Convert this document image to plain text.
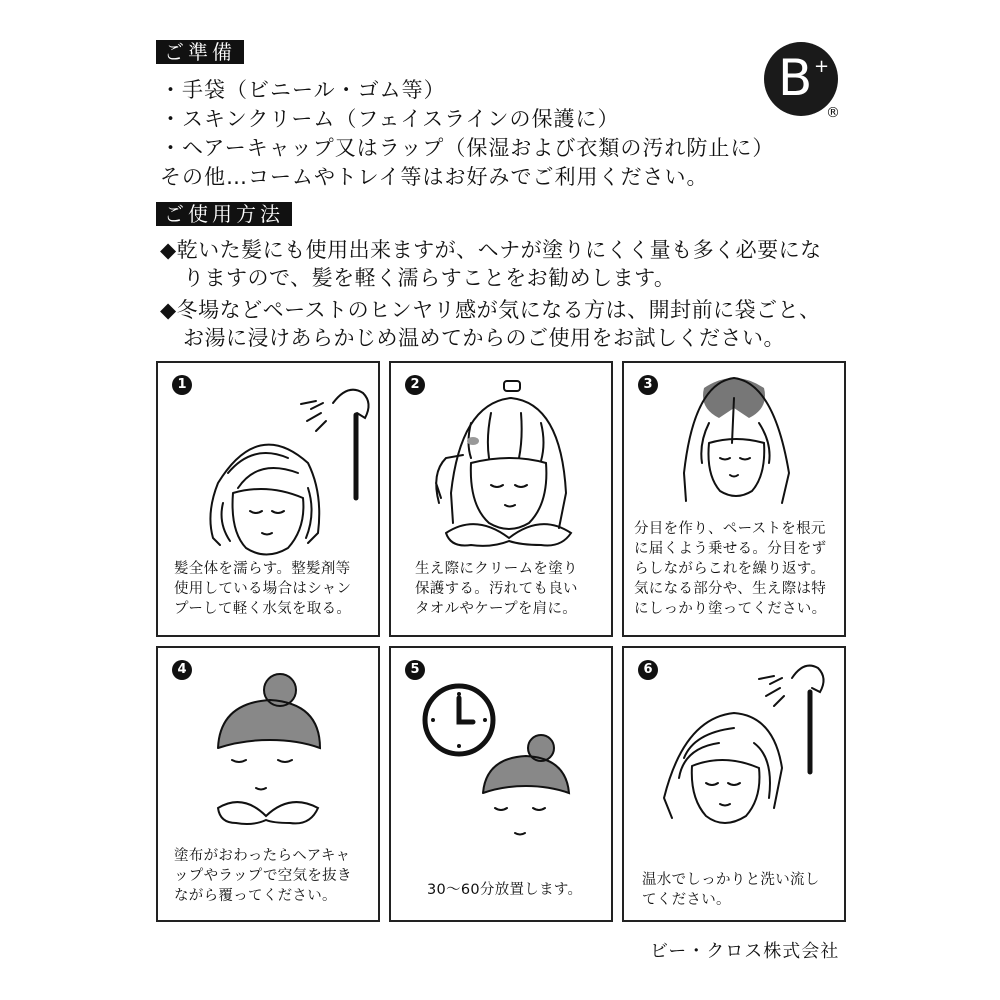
ご準備
・手袋（ビニール・ゴム等）
・スキンクリーム（フェイスラインの保護に）
・ヘアーキャップ又はラップ（保湿および衣類の汚れ防止に）
その他…コームやトレイ等はお好みでご利用ください。
B +
®
ご使用方法
◆乾いた髪にも使用出来ますが、ヘナが塗りにくく量も多く必要にな
りますので、髪を軽く濡らすことをお勧めします。
◆冬場などペーストのヒンヤリ感が気になる方は、開封前に袋ごと、
お湯に浸けあらかじめ温めてからのご使用をお試しください。
1
髪全体を濡らす。整髪剤等
使用している場合はシャン
プーして軽く水気を取る。
2
生え際にクリームを塗り
保護する。汚れても良い
タオルやケープを肩に。
3
分目を作り、ペーストを根元
に届くよう乗せる。分目をず
らしながらこれを繰り返す。
気になる部分や、生え際は特
にしっかり塗ってください。
4
塗布がおわったらヘアキャ
ップやラップで空気を抜き
ながら覆ってください。
5
30〜60分放置します。
6
温水でしっかりと洗い流し
てください。
ビー・クロス株式会社
